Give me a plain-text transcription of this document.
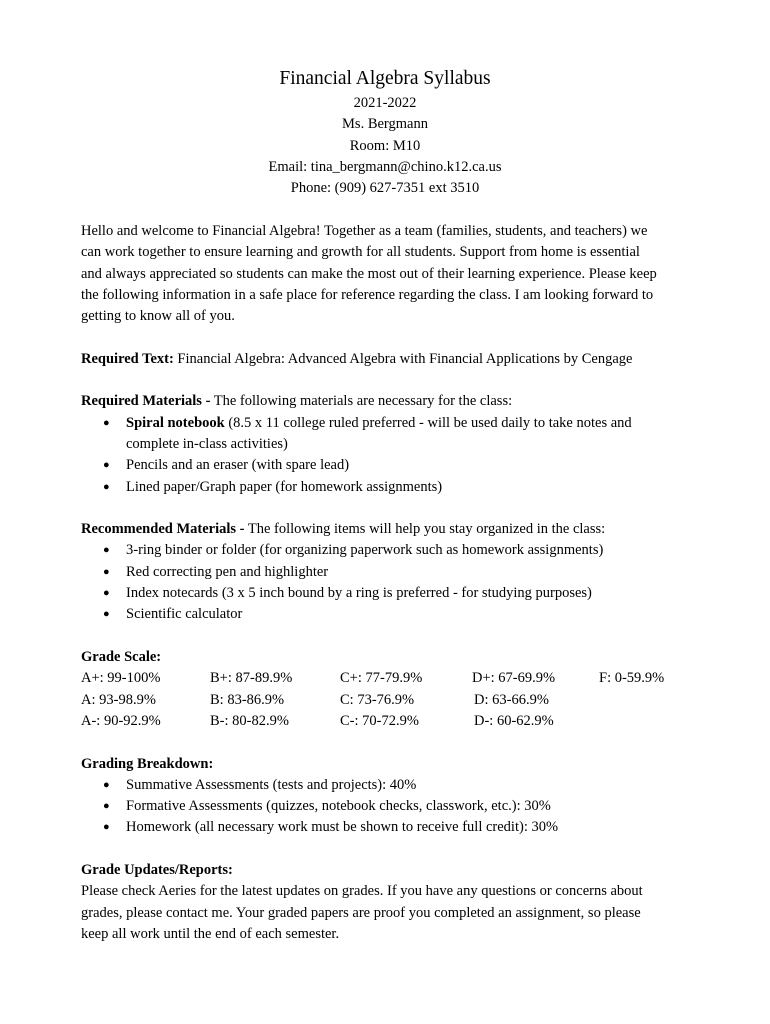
Financial Algebra Syllabus
2021-2022
Ms. Bergmann
Room: M10
Email: tina_bergmann@chino.k12.ca.us
Phone: (909) 627-7351 ext 3510

Hello and welcome to Financial Algebra! Together as a team (families, students, and teachers) we

can work together to ensure learning and growth for all students. Support from home is essential

and always appreciated so students can make the most out of their learning experience. Please keep

the following information in a safe place for reference regarding the class. I am looking forward to

getting to know all of you.

Required Text: Financial Algebra: Advanced Algebra with Financial Applications by Cengage

Required Materials - The following materials are necessary for the class:

● Spiral notebook (8.5 x 11 college ruled preferred - will be used daily to take notes and
complete in-class activities)
● Pencils and an eraser (with spare lead)
● Lined paper/Graph paper (for homework assignments)

Recommended Materials - The following items will help you stay organized in the class:

● 3-ring binder or folder (for organizing paperwork such as homework assignments)
● Red correcting pen and highlighter
● Index notecards (3 x 5 inch bound by a ring is preferred - for studying purposes)
● Scientific calculator

Grade Scale:

A+: 99-100%	B+: 87-89.9%	C+: 77-79.9%	D+: 67-69.9%	F: 0-59.9%
A: 93-98.9%	B: 83-86.9%	C: 73-76.9%	D: 63-66.9%
A-: 90-92.9%	B-: 80-82.9%	C-: 70-72.9%	D-: 60-62.9%

Grading Breakdown:

● Summative Assessments (tests and projects): 40%
● Formative Assessments (quizzes, notebook checks, classwork, etc.): 30%
● Homework (all necessary work must be shown to receive full credit): 30%

Grade Updates/Reports:

Please check Aeries for the latest updates on grades. If you have any questions or concerns about

grades, please contact me. Your graded papers are proof you completed an assignment, so please

keep all work until the end of each semester.
